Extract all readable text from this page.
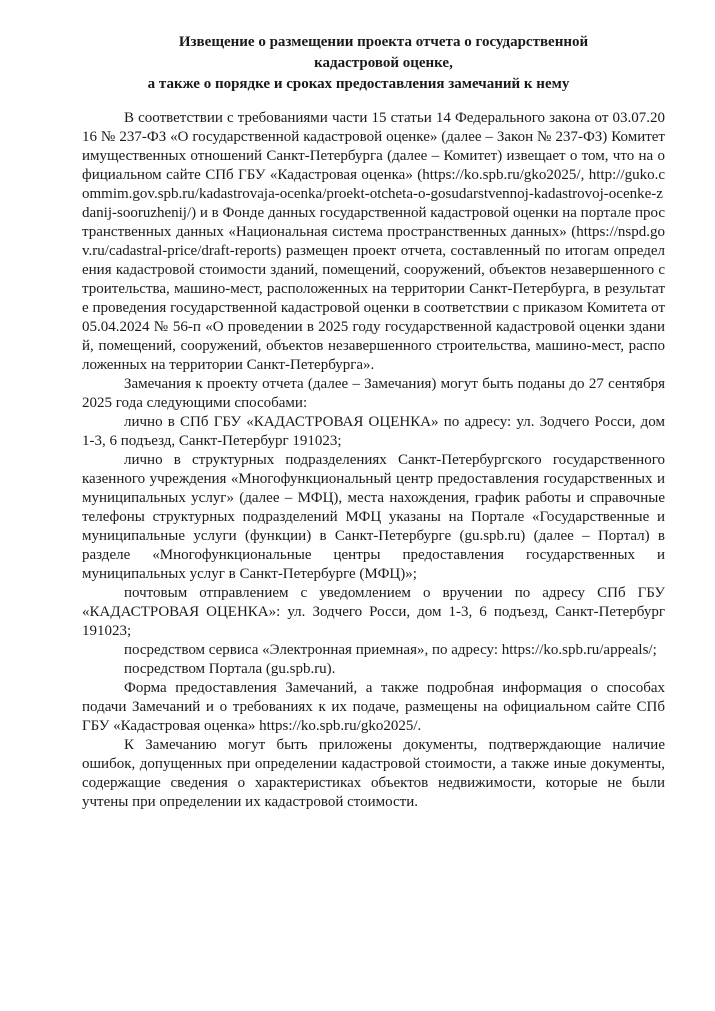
Извещение о размещении проекта отчета о государственной
кадастровой оценке,
а также о порядке и сроках предоставления замечаний к нему

В соответствии с требованиями части 15 статьи 14 Федерального закона от 03.07.2016 № 237-ФЗ «О государственной кадастровой оценке» (далее – Закон № 237-ФЗ) Комитет имущественных отношений Санкт-Петербурга (далее – Комитет) извещает о том, что на официальном сайте СПб ГБУ «Кадастровая оценка» (https://ko.spb.ru/gko2025/, http://guko.commim.gov.spb.ru/kadastrovaja-ocenka/proekt-otcheta-o-gosudarstvennoj-kadastrovoj-ocenke-zdanij-sooruzhenij/) и в Фонде данных государственной кадастровой оценки на портале пространственных данных «Национальная система пространственных данных» (https://nspd.gov.ru/cadastral-price/draft-reports) размещен проект отчета, составленный по итогам определения кадастровой стоимости зданий, помещений, сооружений, объектов незавершенного строительства, машино-мест, расположенных на территории Санкт-Петербурга, в результате проведения государственной кадастровой оценки в соответствии с приказом Комитета от 05.04.2024 № 56-п «О проведении в 2025 году государственной кадастровой оценки зданий, помещений, сооружений, объектов незавершенного строительства, машино-мест, расположенных на территории Санкт-Петербурга».

Замечания к проекту отчета (далее – Замечания) могут быть поданы до 27 сентября 2025 года следующими способами:

лично в СПб ГБУ «КАДАСТРОВАЯ ОЦЕНКА» по адресу: ул. Зодчего Росси, дом 1-3, 6 подъезд, Санкт-Петербург 191023;

лично в структурных подразделениях Санкт-Петербургского государственного казенного учреждения «Многофункциональный центр предоставления государственных и муниципальных услуг» (далее – МФЦ), места нахождения, график работы и справочные телефоны структурных подразделений МФЦ указаны на Портале «Государственные и муниципальные услуги (функции) в Санкт-Петербурге (gu.spb.ru) (далее – Портал) в разделе «Многофункциональные центры предоставления государственных и муниципальных услуг в Санкт-Петербурге (МФЦ)»;

почтовым отправлением с уведомлением о вручении по адресу СПб ГБУ «КАДАСТРОВАЯ ОЦЕНКА»: ул. Зодчего Росси, дом 1-3, 6 подъезд, Санкт-Петербург 191023;

посредством сервиса «Электронная приемная», по адресу: https://ko.spb.ru/appeals/;

посредством Портала (gu.spb.ru).

Форма предоставления Замечаний, а также подробная информация о способах подачи Замечаний и о требованиях к их подаче, размещены на официальном сайте СПб ГБУ «Кадастровая оценка» https://ko.spb.ru/gko2025/.

К Замечанию могут быть приложены документы, подтверждающие наличие ошибок, допущенных при определении кадастровой стоимости, а также иные документы, содержащие сведения о характеристиках объектов недвижимости, которые не были учтены при определении их кадастровой стоимости.
